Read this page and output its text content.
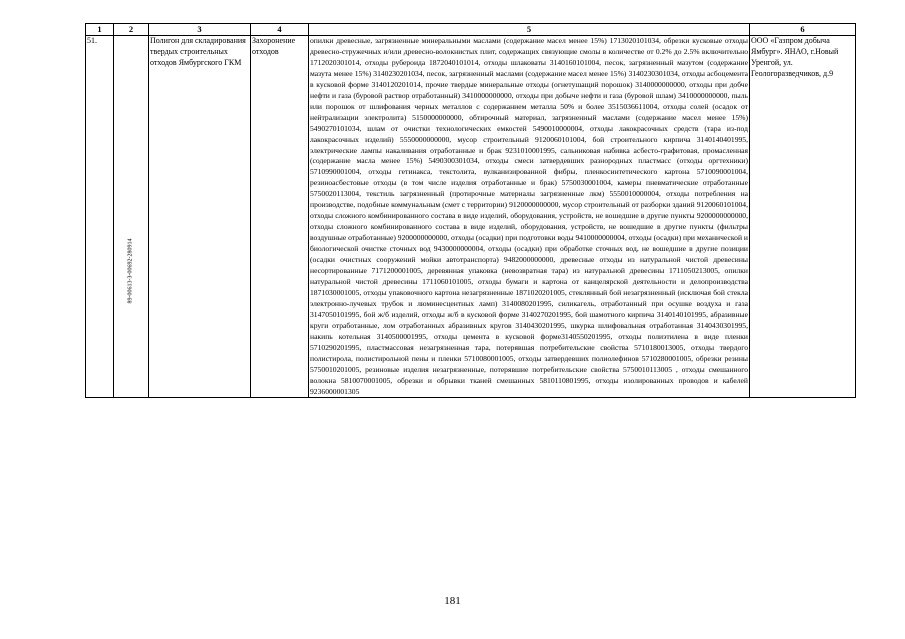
1	2	3	4	5	6
51.	89-00613-З-00692-280914	Полигон для складирования твердых строительных отходов Ямбургского ГКМ	Захоронение отходов	опилки древесные, загрязненные минеральными маслами (содержание масел менее 15%) 1713020101034, обрезки кусковые отходы древесно-стружечных и/или древесно-волокнистых плит, содержащих связующие смолы в количестве от 0.2% до 2.5% включительно 1712020301014, отходы рубероида 1872040101014, отходы шлаковаты 3140160101004, песок, загрязненный мазутом (содержание мазута менее 15%) 3140230201034, песок, загрязненный маслами (содержание масел менее 15%) 3140230301034, отходы асбоцемента в кусковой форме 3140120201014, прочие твердые минеральные отходы (огнетушащий порошок) 3140000000000, отходы при добче нефти и газа (буровой раствор отработанный) 3410000000000, отходы при добыче нефти и газа (буровой шлам) 3410000000000, пыль или порошок от шлифования черных металлов с содержанием металла 50% и более 3515036611004, отходы солей (осадок от нейтрализации электролита) 5150000000000, обтирочный материал, загрязненный маслами (содержание масел менее 15%) 5490270101034, шлам от очистки технологических емкостей 5490010000004, отходы лакокрасочных средств (тара из-под лакокрасочных изделий) 5550000000000, мусор строительный 9120060101004, бой строительного кирпича 3140140401995, электрические лампы накаливания отработанные и брак 9231010001995, сальниковая набивка асбесто-графитовая, промасленная (содержание масла менее 15%) 5490300301034, отходы смеси затвердевших разнородных пластмасс (отходы оргтехники) 5710990001004, отходы гетинакса, текстолита, вулканизированной фибры, пленкосинтетического картона 5710090001004, резиноасбестовые отходы (в том числе изделия отработанные и брак) 5750030001004, камеры пневматические отработанные 5750020113004, текстиль загрязненный (протирочные материалы загрязненные лкм) 5550010000004, отходы потребления на производстве, подобные коммунальным (смет с территории) 9120000000000, мусор строительный от разборки зданий 9120060101004, отходы сложного комбинированного состава в виде изделий, оборудования, устройств, не вошедшие в другие пункты 9200000000000, отходы сложного комбинированного состава в виде изделий, оборудования, устройств, не вошедшие в другие пункты (фильтры воздушные отработанные) 9200000000000, отходы (осадки) при подготовки воды 9410000000004, отходы (осадки) при механической и биологической очистке сточных вод 9430000000004, отходы (осадки) при обработке сточных вод, не вошедшие в другие позиции (осадки очистных сооружений мойки автотранспорта) 9482000000000, древесные отходы из натуральной чистой древесины несортированные 7171200001005, деревянная упаковка (невозвратная тара) из натуральной древесины 1711050213005, опилки натуральной чистой древесины 1711060101005, отходы бумаги и картона от канцелярской деятельности и делопроизводства 1871030001005, отходы упаковочного картона незагрязненные 1871020201005, стеклянный бой незагрязненный (исключая бой стекла электронно-лучевых трубок и люминесцентных ламп) 3140080201995, силикагель, отработанный при осушке воздуха и газа 3147050101995, бой ж/б изделий, отходы ж/б в кусковой форме 3140270201995, бой шамотного кирпича 3140140101995, абразивные круги отработанные, лом отработанных абразивных кругов 3140430201995, шкурка шлифовальная отработанная 3140430301995, накипь котельная 3140500001995, отходы цемента в кусковой форме3140550201995, отходы полиэтилена в виде пленки 5710290201995, пластмассовая незагрязненная тара, потерявшая потребительские свойства 5710180013005, отходы твердого полистирола, полистирольной пены и пленки 5710080001005, отходы затвердевших полиолефинов 5710280001005, обрезки резины 5750010201005, резиновые изделия незагрязненные, потерявшие потребительские свойства 5750010113005 , отходы смешанного волокна 5810070001005, обрезки и обрывки тканей смешанных 5810110801995, отходы изолированных проводов и кабелей 9236000001305	ООО «Газпром добыча Ямбург». ЯНАО, г.Новый Уренгой, ул. Геологоразведчиков, д.9
181
